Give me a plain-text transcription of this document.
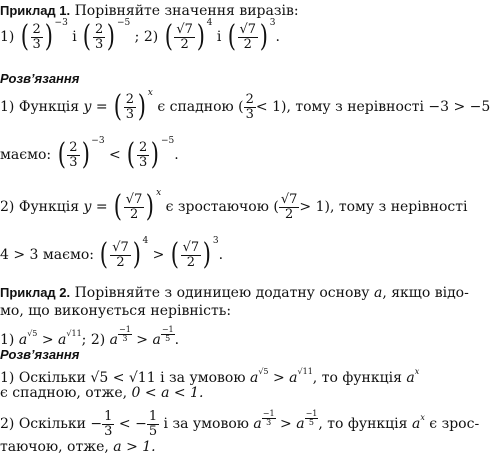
Приклад 1. Порівняйте значення виразів:
1) ( $\frac{2}{3}$ ) $^{-3}$ і ( $\frac{2}{3}$ ) $^{-5}$ ; 2) ( $\frac{√7}{2}$ ) $^4$ і ( $\frac{√7}{2}$ ) $^3$.
Розв’язання
1) Функція y = ( $\frac{2}{3}$ ) $^x$ є спадною ( $\frac{2}{3} < 1$), тому з нерівності −3 > −5
маємо: ( $\frac{2}{3}$ ) $^{-3}$ < ( $\frac{2}{3}$ ) $^{-5}$.
2) Функція y = ( $\frac{√7}{2}$ ) $^x$ є зростаючою ( $\frac{√7}{2} > 1$), тому з нерівності
4 > 3 маємо: ( $\frac{√7}{2}$ ) $^4$ > ( $\frac{√7}{2}$ ) $^3$.
Приклад 2. Порівняйте з одиницею додатну основу a, якщо відо-
мо, що виконується нерівність:
1) a √5 > a √11 ; 2) a $\frac{-1}{3} > a \frac{-1}{5}$ .
Розв’язання
1) Оскільки √5 < √11 і за умовою a √5 > a √11 , то функція a x
є спадною, отже, 0 < a < 1.
2) Оскільки − $\frac{1}{3}$ < − $\frac{1}{5}$ і за умовою a $\frac{-1}{3} > a \frac{-1}{5}$ , то функція a x є зрос-
таючою, отже, a > 1.
